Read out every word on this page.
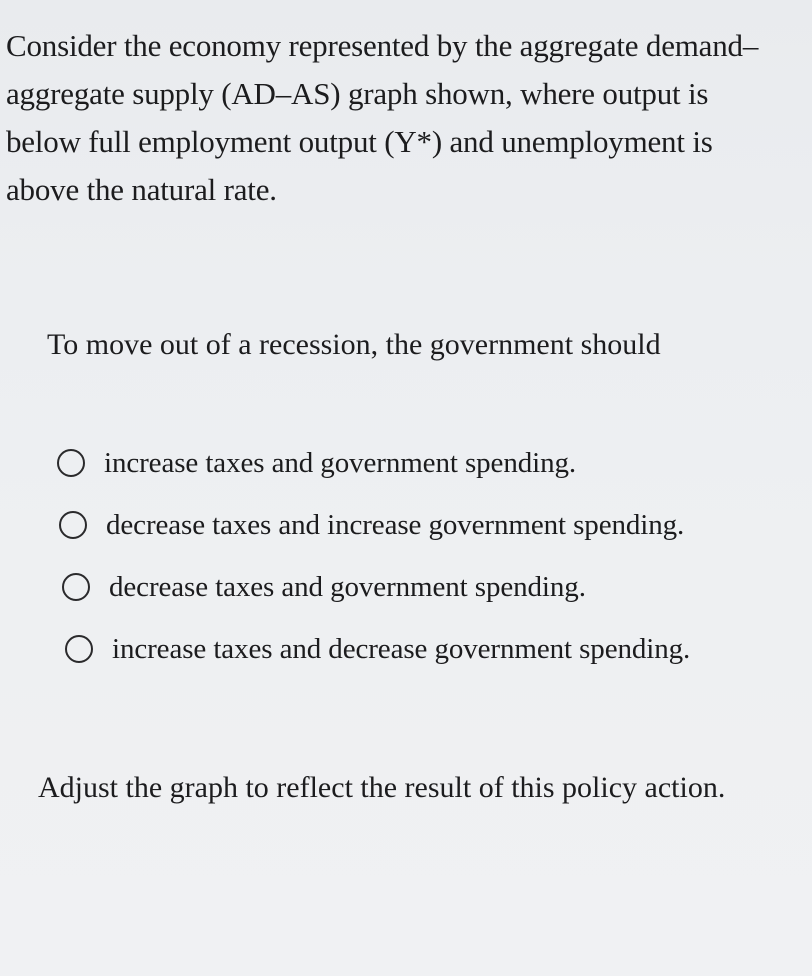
Consider the economy represented by the aggregate demand–
aggregate supply (AD–AS) graph shown, where output is
below full employment output (Y*) and unemployment is
above the natural rate.

To move out of a recession, the government should

increase taxes and government spending.
decrease taxes and increase government spending.
decrease taxes and government spending.
increase taxes and decrease government spending.

Adjust the graph to reflect the result of this policy action.
